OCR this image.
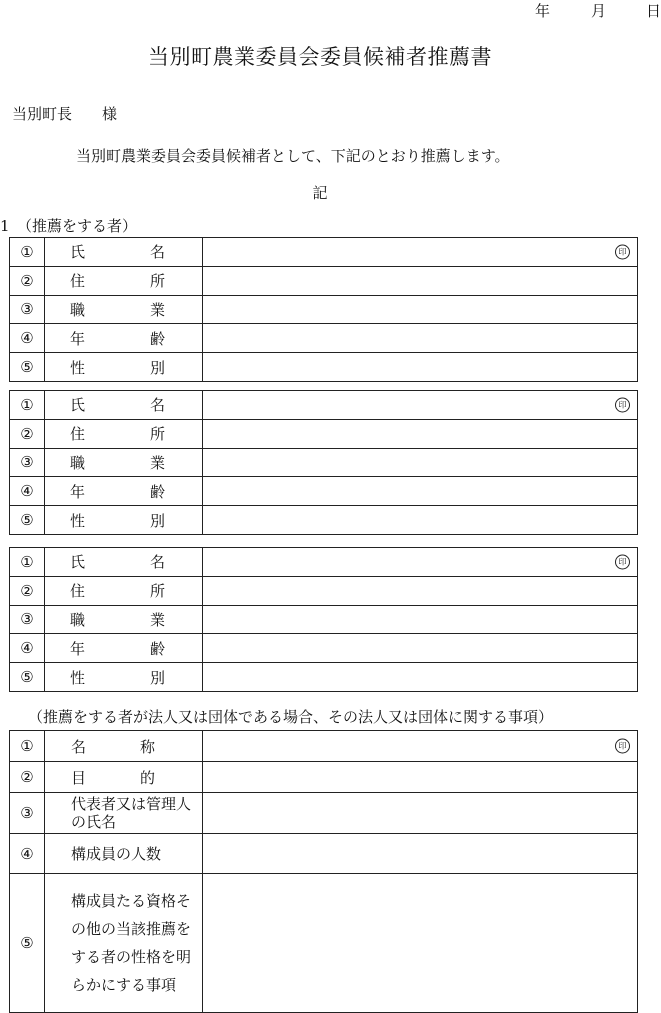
年	月	日
当別町農業委員会委員候補者推薦書
当別町長 様
当別町農業委員会委員候補者として、下記のとおり推薦します。
記
1　（推薦をする者）
①	氏 名	印

②	住 所	

③	職 業	

④	年 齢	

⑤	性 別	

①	氏 名	印

②	住 所	

③	職 業	

④	年 齢	

⑤	性 別	

①	氏 名	印

②	住 所	

③	職 業	

④	年 齢	

⑤	性 別	

（推薦をする者が法人又は団体である場合、その法人又は団体に関する事項）
①	名 称	印

②	目 的	

③	代表者又は管理人の氏名	

④	構成員の人数	
⑤	構成員たる資格その他の当該推薦をする者の性格を明らかにする事項	
